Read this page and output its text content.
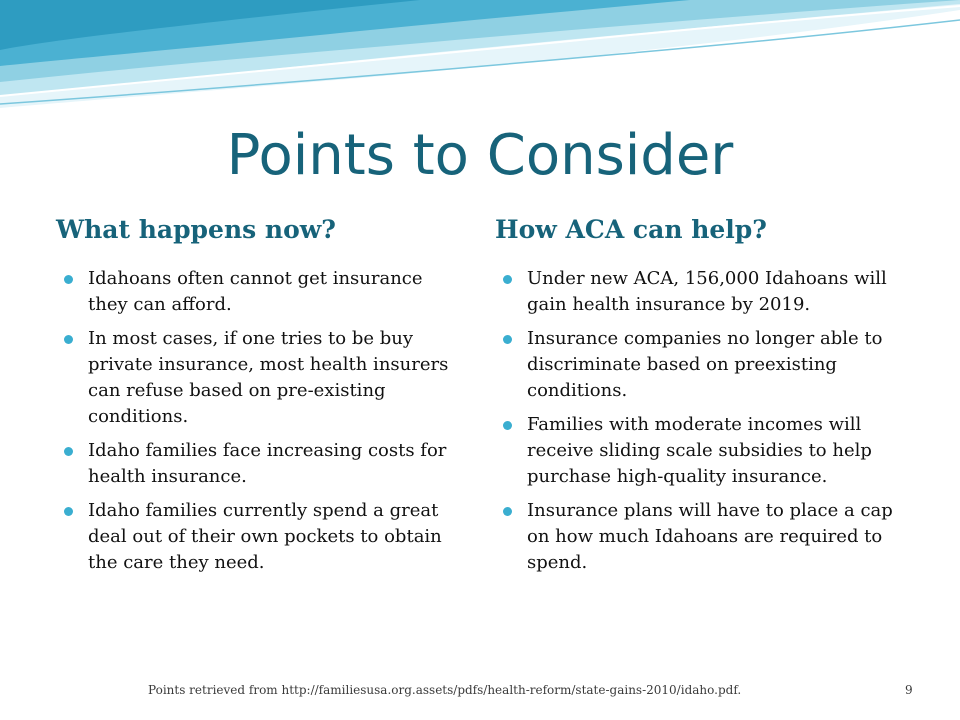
Points to Consider
What happens now?
Idahoans often cannot get insurance they can afford.
In most cases, if one tries to be buy private insurance, most health insurers can refuse based on pre-existing conditions.
Idaho families face increasing costs for health insurance.
Idaho families currently spend a great deal out of their own pockets to obtain the care they need.
How ACA can help?
Under new ACA, 156,000 Idahoans will gain health insurance by 2019.
Insurance companies no longer able to discriminate based on preexisting conditions.
Families with moderate incomes will receive sliding scale subsidies to help purchase high-quality insurance.
Insurance plans will have to place a cap on how much Idahoans are required to spend.
Points retrieved from http://familiesusa.org.assets/pdfs/health-reform/state-gains-2010/idaho.pdf.	9
